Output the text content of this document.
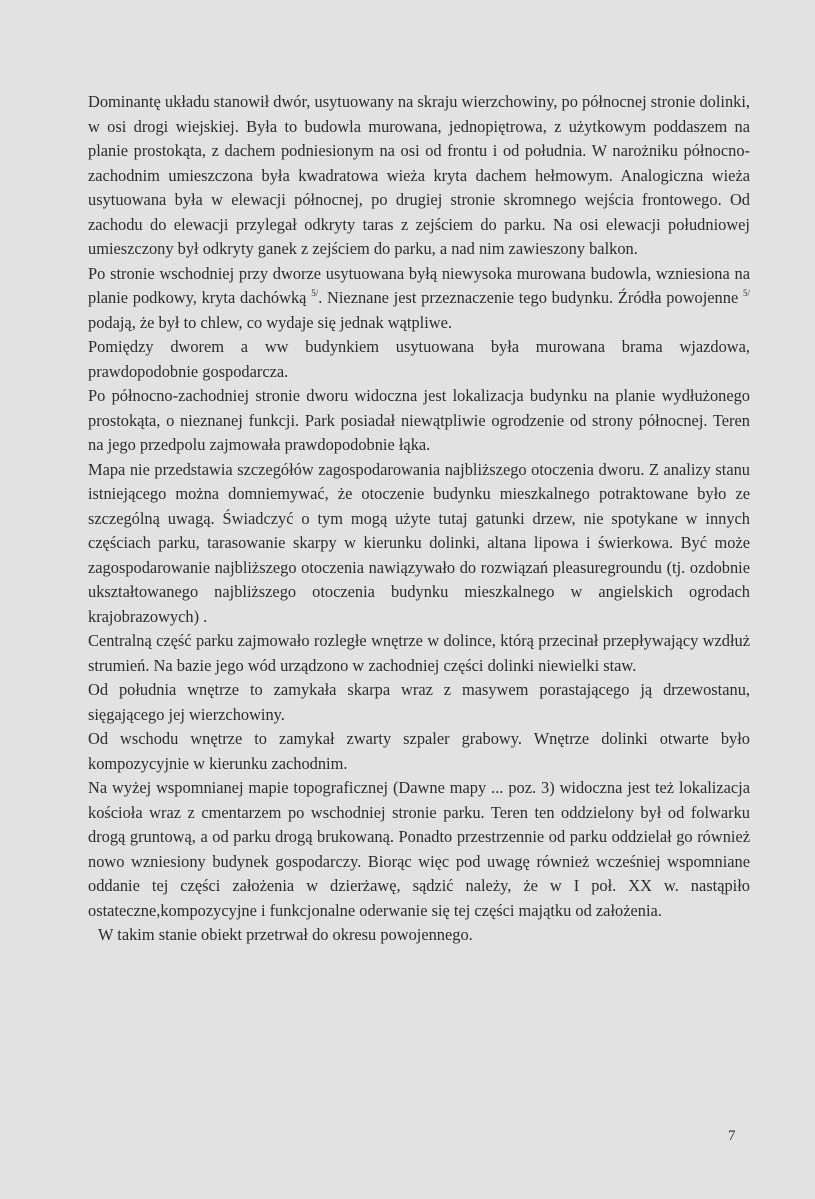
Dominantę układu stanowił dwór, usytuowany na skraju wierzchowiny, po północnej stronie dolinki, w osi drogi wiejskiej. Była to budowla murowana, jednopiętrowa, z użytkowym poddaszem na planie prostokąta, z dachem podniesionym na osi od frontu i od południa. W narożniku północno-zachodnim umieszczona była kwadratowa wieża kryta dachem hełmowym. Analogiczna wieża usytuowana była w elewacji północnej, po drugiej stronie skromnego wejścia frontowego. Od zachodu do elewacji przylegał odkryty taras z zejściem do parku. Na osi elewacji południowej umieszczony był odkryty ganek z zejściem do parku, a nad nim zawieszony balkon.

Po stronie wschodniej przy dworze usytuowana byłą niewysoka murowana budowla, wzniesiona na planie podkowy, kryta dachówką $^{5/}$. Nieznane jest przeznaczenie tego budynku. Źródła powojenne $^{5/}$ podają, że był to chlew, co wydaje się jednak wątpliwe.

Pomiędzy dworem a ww budynkiem usytuowana była murowana brama wjazdowa, prawdopodobnie gospodarcza.

Po północno-zachodniej stronie dworu widoczna jest lokalizacja budynku na planie wydłużonego prostokąta, o nieznanej funkcji. Park posiadał niewątpliwie ogrodzenie od strony północnej. Teren na jego przedpolu zajmowała prawdopodobnie łąka.

Mapa nie przedstawia szczegółów zagospodarowania najbliższego otoczenia dworu. Z analizy stanu istniejącego można domniemywać, że otoczenie budynku mieszkalnego potraktowane było ze szczególną uwagą. Świadczyć o tym mogą użyte tutaj gatunki drzew, nie spotykane w innych częściach parku, tarasowanie skarpy w kierunku dolinki, altana lipowa i świerkowa. Być może zagospodarowanie najbliższego otoczenia nawiązywało do rozwiązań pleasuregroundu (tj. ozdobnie ukształtowanego najbliższego otoczenia budynku mieszkalnego w angielskich ogrodach krajobrazowych) .

Centralną część parku zajmowało rozległe wnętrze w dolince, którą przecinał przepływający wzdłuż strumień. Na bazie jego wód urządzono w zachodniej części dolinki niewielki staw.

Od południa wnętrze to zamykała skarpa wraz z masywem porastającego ją drzewostanu, sięgającego jej wierzchowiny.

Od wschodu wnętrze to zamykał zwarty szpaler grabowy. Wnętrze dolinki otwarte było kompozycyjnie w kierunku zachodnim.

Na wyżej wspomnianej mapie topograficznej (Dawne mapy ... poz. 3) widoczna jest też lokalizacja kościoła wraz z cmentarzem po wschodniej stronie parku. Teren ten oddzielony był od folwarku drogą gruntową, a od parku drogą brukowaną. Ponadto przestrzennie od parku oddzielał go również nowo wzniesiony budynek gospodarczy. Biorąc więc pod uwagę również wcześniej wspomniane oddanie tej części założenia w dzierżawę, sądzić należy, że w I poł. XX w. nastąpiło ostateczne,kompozycyjne i funkcjonalne oderwanie się tej części majątku od założenia.

W takim stanie obiekt przetrwał do okresu powojennego.

7
